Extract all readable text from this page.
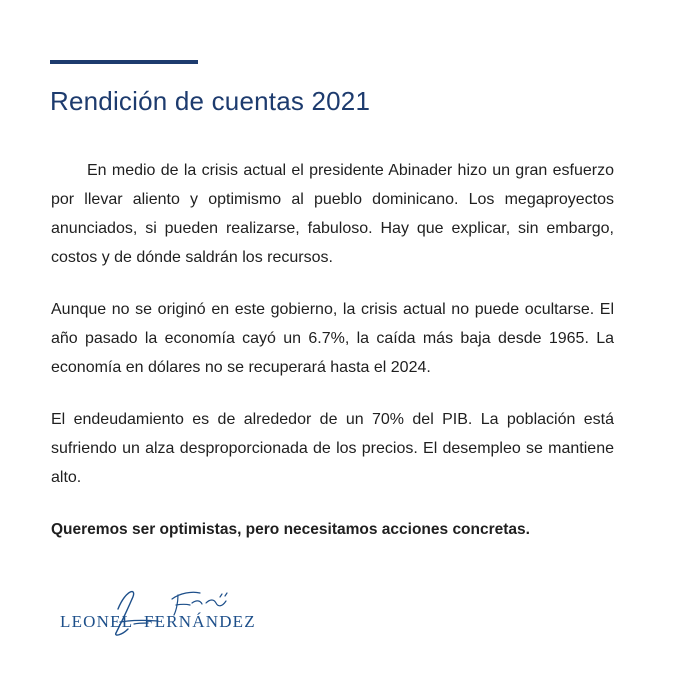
Rendición de cuentas 2021

En medio de la crisis actual el presidente Abinader hizo un gran esfuerzo por llevar aliento y optimismo al pueblo dominicano. Los megaproyectos anunciados, si pueden realizarse, fabuloso. Hay que explicar, sin embargo, costos y de dónde saldrán los recursos.

Aunque no se originó en este gobierno, la crisis actual no puede ocultarse. El año pasado la economía cayó un 6.7%, la caída más baja desde 1965. La economía en dólares no se recuperará hasta el 2024.

El endeudamiento es de alrededor de un 70% del PIB. La población está sufriendo un alza desproporcionada de los precios. El desempleo se mantiene alto.

Queremos ser optimistas, pero necesitamos acciones concretas.

LEONEL FERNÁNDEZ
